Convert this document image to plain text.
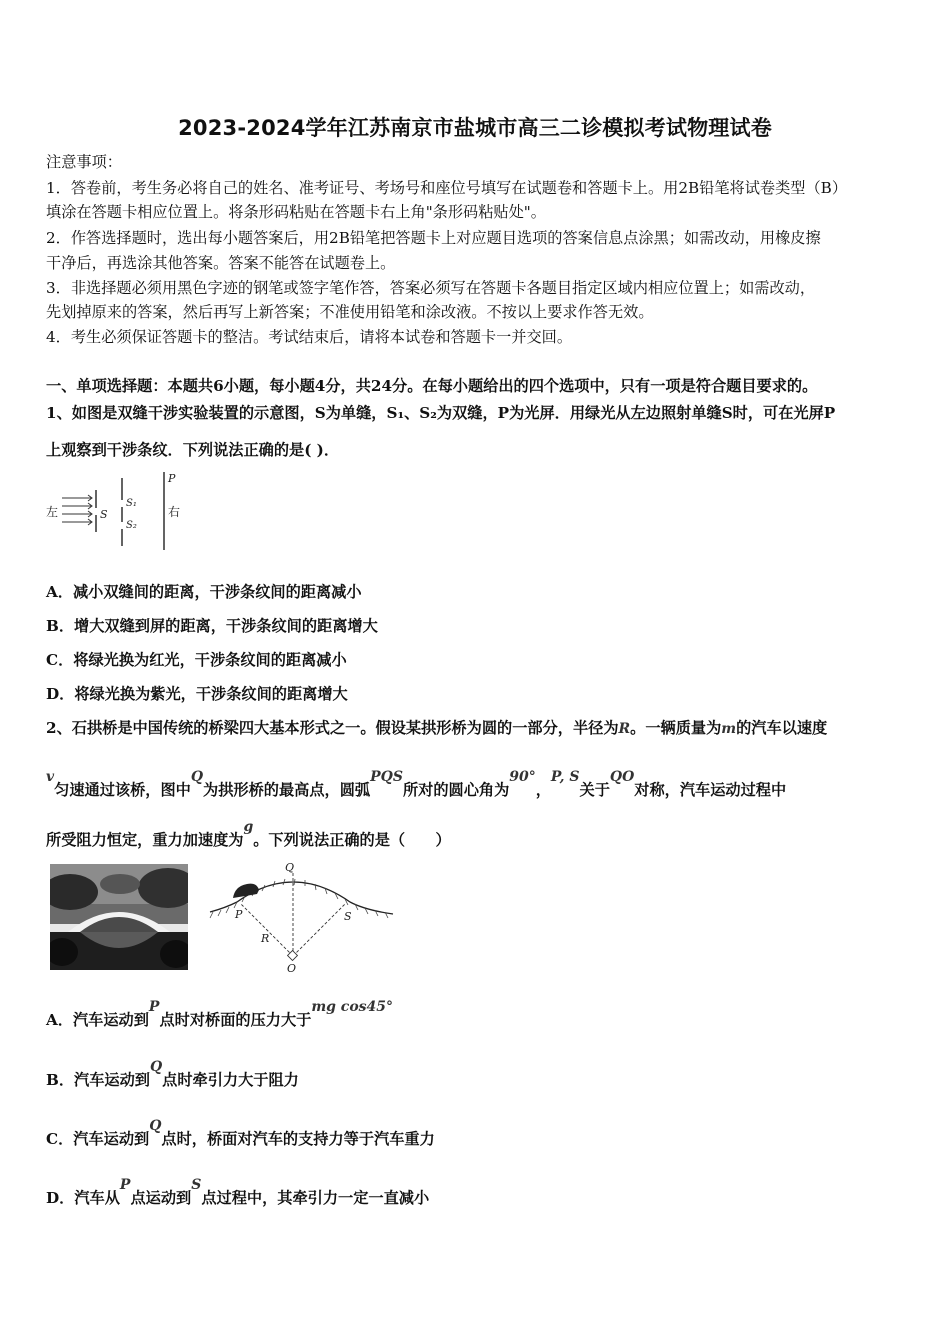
2023-2024学年江苏南京市盐城市高三二诊模拟考试物理试卷
注意事项：
1．答卷前，考生务必将自己的姓名、准考证号、考场号和座位号填写在试题卷和答题卡上。用2B铅笔将试卷类型（B）
填涂在答题卡相应位置上。将条形码粘贴在答题卡右上角"条形码粘贴处"。
2．作答选择题时，选出每小题答案后，用2B铅笔把答题卡上对应题目选项的答案信息点涂黑；如需改动，用橡皮擦
干净后，再选涂其他答案。答案不能答在试题卷上。
3．非选择题必须用黑色字迹的钢笔或签字笔作答，答案必须写在答题卡各题目指定区域内相应位置上；如需改动，
先划掉原来的答案，然后再写上新答案；不准使用铅笔和涂改液。不按以上要求作答无效。
4．考生必须保证答题卡的整洁。考试结束后，请将本试卷和答题卡一并交回。
一、单项选择题：本题共6小题，每小题4分，共24分。在每小题给出的四个选项中，只有一项是符合题目要求的。
1、如图是双缝干涉实验装置的示意图，S为单缝，S₁、S₂为双缝，P为光屏．用绿光从左边照射单缝S时，可在光屏P
上观察到干涉条纹．下列说法正确的是( )．
左	S
S₁
S₂
P
右
A．减小双缝间的距离，干涉条纹间的距离减小
B．增大双缝到屏的距离，干涉条纹间的距离增大
C．将绿光换为红光，干涉条纹间的距离减小
D．将绿光换为紫光，干涉条纹间的距离增大
2、石拱桥是中国传统的桥梁四大基本形式之一。假设某拱形桥为圆的一部分，半径为R。一辆质量为m的汽车以速度
v匀速通过该桥，图中Q为拱形桥的最高点，圆弧PQS所对的圆心角为90°，P, S关于QO对称，汽车运动过程中
所受阻力恒定，重力加速度为g。下列说法正确的是（　　）
Q
P	S
R
O
A．汽车运动到P点时对桥面的压力大于mg cos45°
B．汽车运动到Q点时牵引力大于阻力
C．汽车运动到Q点时，桥面对汽车的支持力等于汽车重力
D．汽车从P点运动到S点过程中，其牵引力一定一直减小
